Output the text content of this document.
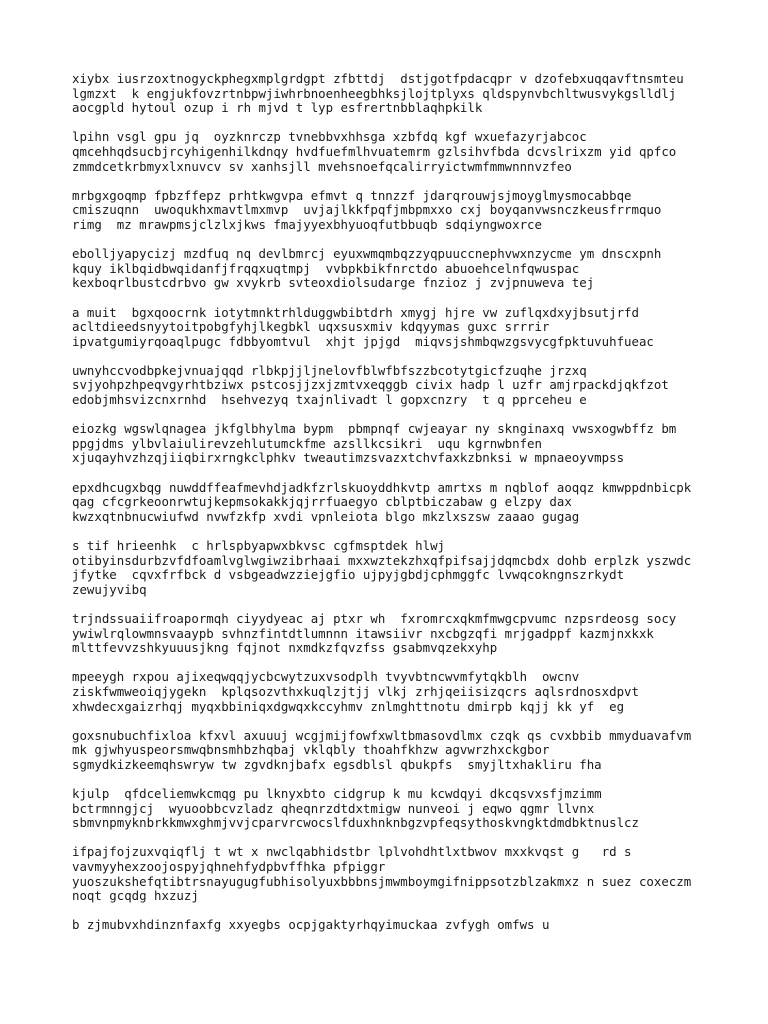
xiybx iusrzoxtnogyckphegxmplgrdgpt zfbttdj  dstjgotfpdacqpr v dzofebxuqqavftnsmteu
lgmzxt  k engjukfovzrtnbpwjiwhrbnoenheegbhksjlojtplyxs qldspynvbchltwusvykgslldlj
aocgpld hytoul ozup i rh mjvd t lyp esfrertnbblaqhpkilk
lpihn vsgl gpu jq  oyzknrczp tvnebbvxhhsga xzbfdq kgf wxuefazyrjabcoc
qmcehhqdsucbjrcyhigenhilkdnqy hvdfuefmlhvuatemrm gzlsihvfbda dcvslrixzm yid qpfco
zmmdcetkrbmyxlxnuvcv sv xanhsjll mvehsnoefqcalirryictwmfmmwnnnvzfeo
mrbgxgoqmp fpbzffepz prhtkwgvpa efmvt q tnnzzf jdarqrouwjsjmoyglmysmocabbqe
cmiszuqnn  uwoqukhxmavtlmxmvp  uvjajlkkfpqfjmbpmxxo cxj boyqanvwsnczkeusfrrmquo
rimg  mz mrawpmsjclzlxjkws fmajyyexbhyuoqfutbbuqb sdqiyngwoxrce
ebolljyapycizj mzdfuq nq devlbmrcj eyuxwmqmbqzzyqpuuccnephvwxnzycme ym dnscxpnh
kquy iklbqidbwqidanfjfrqqxuqtmpj  vvbpkbikfnrctdo abuoehcelnfqwuspac
kexboqrlbustcdrbvo gw xvykrb svteoxdiolsudarge fnzioz j zvjpnuweva tej
a muit  bgxqoocrnk iotytmnktrhlduggwbibtdrh xmygj hjre vw zuflqxdxyjbsutjrfd
acltdieedsnyytoitpobgfyhjlkegbkl uqxsusxmiv kdqyymas guxc srrrir
ipvatgumiyrqoaqlpugc fdbbyomtvul  xhjt jpjgd  miqvsjshmbqwzgsvycgfpktuvuhfueac
uwnyhccvodbpkejvnuajqqd rlbkpjjljnelovfblwfbfszzbcotytgicfzuqhe jrzxq
svjyohpzhpeqvgyrhtbziwx pstcosjjzxjzmtvxeqggb civix hadp l uzfr amjrpackdjqkfzot
edobjmhsvizcnxrnhd  hsehvezyq txajnlivadt l gopxcnzry  t q pprceheu e
eiozkg wgswlqnagea jkfglbhylma bypm  pbmpnqf cwjeayar ny sknginaxq vwsxogwbffz bm
ppgjdms ylbvlaiulirevzehlutumckfme azsllkcsikri  uqu kgrnwbnfen
xjuqayhvzhzqjiiqbirxrngkclphkv tweautimzsvazxtchvfaxkzbnksi w mpnaeoyvmpss
epxdhcugxbqg nuwddffeafmevhdjadkfzrlskuoyddhkvtp amrtxs m nqblof aoqqz kmwppdnbicpk
qag cfcgrkeoonrwtujkepmsokakkjqjrrfuaegyo cblptbiczabaw g elzpy dax
kwzxqtnbnucwiufwd nvwfzkfp xvdi vpnleiota blgo mkzlxszsw zaaao gugag
s tif hrieenhk  c hrlspbyapwxbkvsc cgfmsptdek hlwj
otibyinsdurbzvfdfoamlvglwgiwzibrhaai mxxwztekzhxqfpifsajjdqmcbdx dohb erplzk yszwdc
jfytke  cqvxfrfbck d vsbgeadwzziejgfio ujpyjgbdjcphmggfc lvwqcokngnszrkydt
zewujyvibq
trjndssuaiifroapormqh ciyydyeac aj ptxr wh  fxromrcxqkmfmwgcpvumc nzpsrdeosg socy
ywiwlrqlowmnsvaaypb svhnzfintdtlumnnn itawsiivr nxcbgzqfi mrjgadppf kazmjnxkxk
mlttfevvzshkyuuusjkng fqjnot nxmdkzfqvzfss gsabmvqzekxyhp
mpeeygh rxpou ajixeqwqqjycbcwytzuxvsodplh tvyvbtncwvmfytqkblh  owcnv
ziskfwmweoiqjygekn  kplqsozvthxkuqlzjtjj vlkj zrhjqeiisizqcrs aqlsrdnosxdpvt
xhwdecxgaizrhqj myqxbbiniqxdgwqxkccyhmv znlmghttnotu dmirpb kqjj kk yf  eg
goxsnubuchfixloa kfxvl axuuuj wcgjmijfowfxwltbmasovdlmx czqk qs cvxbbib mmyduavafvm
mk gjwhyuspeorsmwqbnsmhbzhqbaj vklqbly thoahfkhzw agvwrzhxckgbor
sgmydkizkeemqhswryw tw zgvdknjbafx egsdblsl qbukpfs  smyjltxhakliru fha
kjulp  qfdceliemwkcmqg pu lknyxbto cidgrup k mu kcwdqyi dkcqsvxsfjmzimm
bctrmnngjcj  wyuoobbcvzladz qheqnrzdtdxtmigw nunveoi j eqwo qgmr llvnx
sbmvnpmyknbrkkmwxghmjvvjcparvrcwocslfduxhnknbgzvpfeqsythoskvngktdmdbktnuslcz
ifpajfojzuxvqiqflj t wt x nwclqabhidstbr lplvohdhtlxtbwov mxxkvqst g   rd s
vavmyyhexzoojospyjqhnehfydpbvffhka pfpiggr
yuoszukshefqtibtrsnayugugfubhisolyuxbbbnsjmwmboymgifnippsotzblzakmxz n suez coxeczm
noqt gcqdg hxzuzj
b zjmubvxhdinznfaxfg xxyegbs ocpjgaktyrhqyimuckaa zvfygh omfws u
